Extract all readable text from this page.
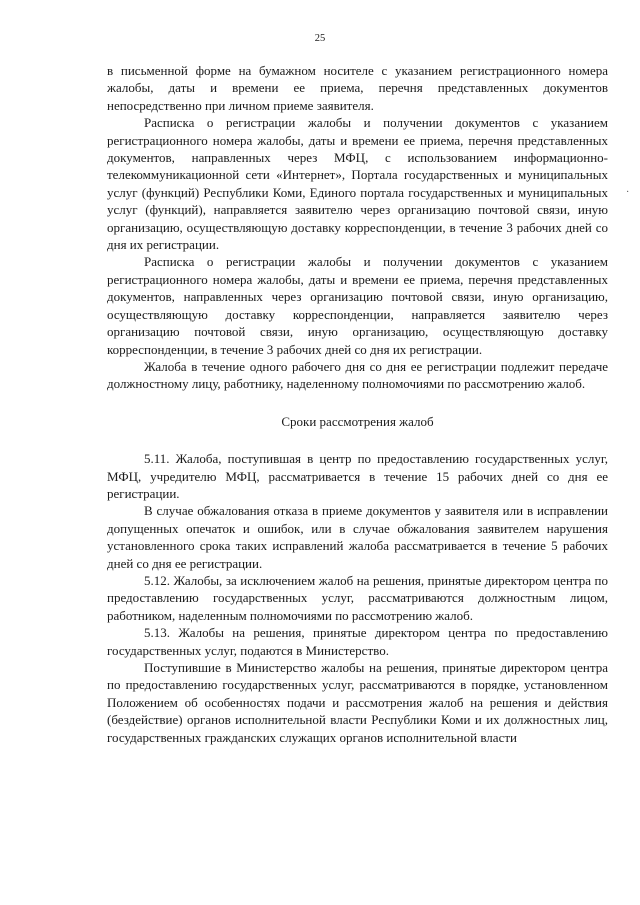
25

в письменной форме на бумажном носителе с указанием регистрационного номера жалобы, даты и времени ее приема, перечня представленных документов непосредственно при личном приеме заявителя.

Расписка о регистрации жалобы и получении документов с указанием регистрационного номера жалобы, даты и времени ее приема, перечня представленных документов, направленных через МФЦ, с использованием информационно-телекоммуникационной сети «Интернет», Портала государственных и муниципальных услуг (функций) Республики Коми, Единого портала государственных и муниципальных услуг (функций), направляется заявителю через организацию почтовой связи, иную организацию, осуществляющую доставку корреспонденции, в течение 3 рабочих дней со дня их регистрации.

Расписка о регистрации жалобы и получении документов с указанием регистрационного номера жалобы, даты и времени ее приема, перечня представленных документов, направленных через организацию почтовой связи, иную организацию, осуществляющую доставку корреспонденции, направляется заявителю через организацию почтовой связи, иную организацию, осуществляющую доставку корреспонденции, в течение 3 рабочих дней со дня их регистрации.

Жалоба в течение одного рабочего дня со дня ее регистрации подлежит передаче должностному лицу, работнику, наделенному полномочиями по рассмотрению жалоб.

Сроки рассмотрения жалоб

5.11. Жалоба, поступившая в центр по предоставлению государственных услуг, МФЦ, учредителю МФЦ, рассматривается в течение 15 рабочих дней со дня ее регистрации.

В случае обжалования отказа в приеме документов у заявителя или в исправлении допущенных опечаток и ошибок, или в случае обжалования заявителем нарушения установленного срока таких исправлений жалоба рассматривается в течение 5 рабочих дней со дня ее регистрации.

5.12. Жалобы, за исключением жалоб на решения, принятые директором центра по предоставлению государственных услуг, рассматриваются должностным лицом, работником, наделенным полномочиями по рассмотрению жалоб.

5.13. Жалобы на решения, принятые директором центра по предоставлению государственных услуг, подаются в Министерство.

Поступившие в Министерство жалобы на решения, принятые директором центра по предоставлению государственных услуг, рассматриваются в порядке, установленном Положением об особенностях подачи и рассмотрения жалоб на решения и действия (бездействие) органов исполнительной власти Республики Коми и их должностных лиц, государственных гражданских служащих органов исполнительной власти

·
